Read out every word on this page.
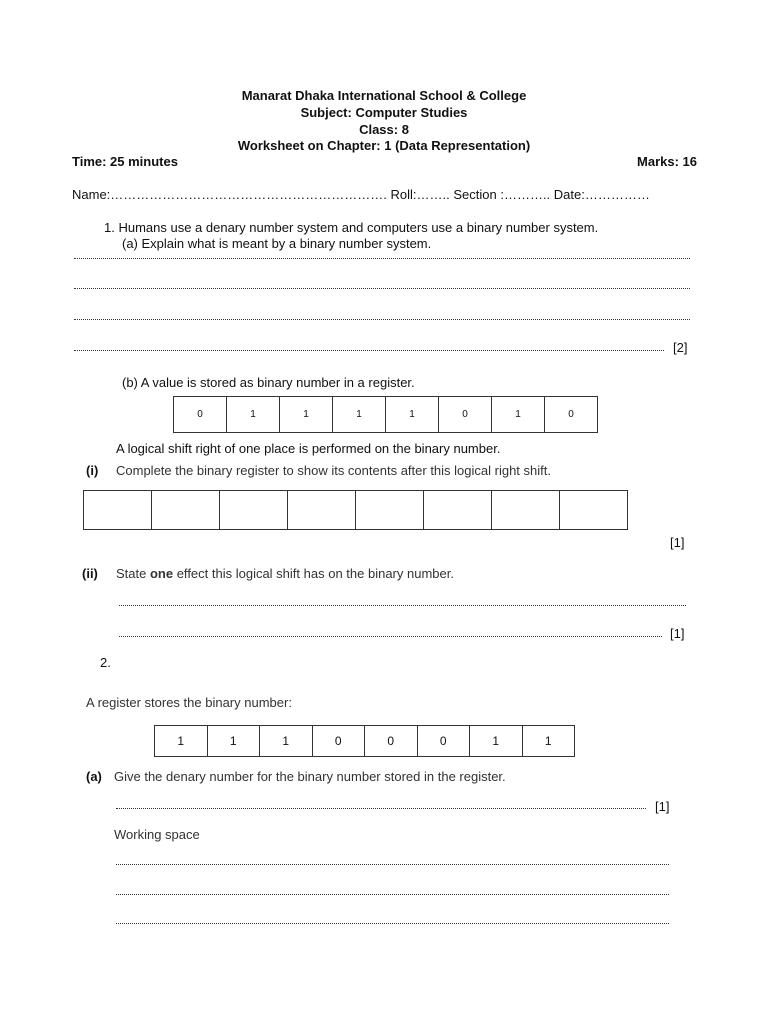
Manarat Dhaka International School & College
Subject: Computer Studies
Class: 8
Worksheet on Chapter: 1 (Data Representation)
Time: 25 minutes	Marks: 16
Name:………………………………………………………. Roll:…….. Section :……….. Date:……………
1. Humans use a denary number system and computers use a binary number system.
(a) Explain what is meant by a binary number system.
[2]
(b) A value is stored as binary number in a register.
0	1	1	1	1	0	1	0
A logical shift right of one place is performed on the binary number.
(i) Complete the binary register to show its contents after this logical right shift.
[1]
(ii) State one effect this logical shift has on the binary number.
[1]
2.
A register stores the binary number:
1	1	1	0	0	0	1	1
(a) Give the denary number for the binary number stored in the register.
[1]
Working space
